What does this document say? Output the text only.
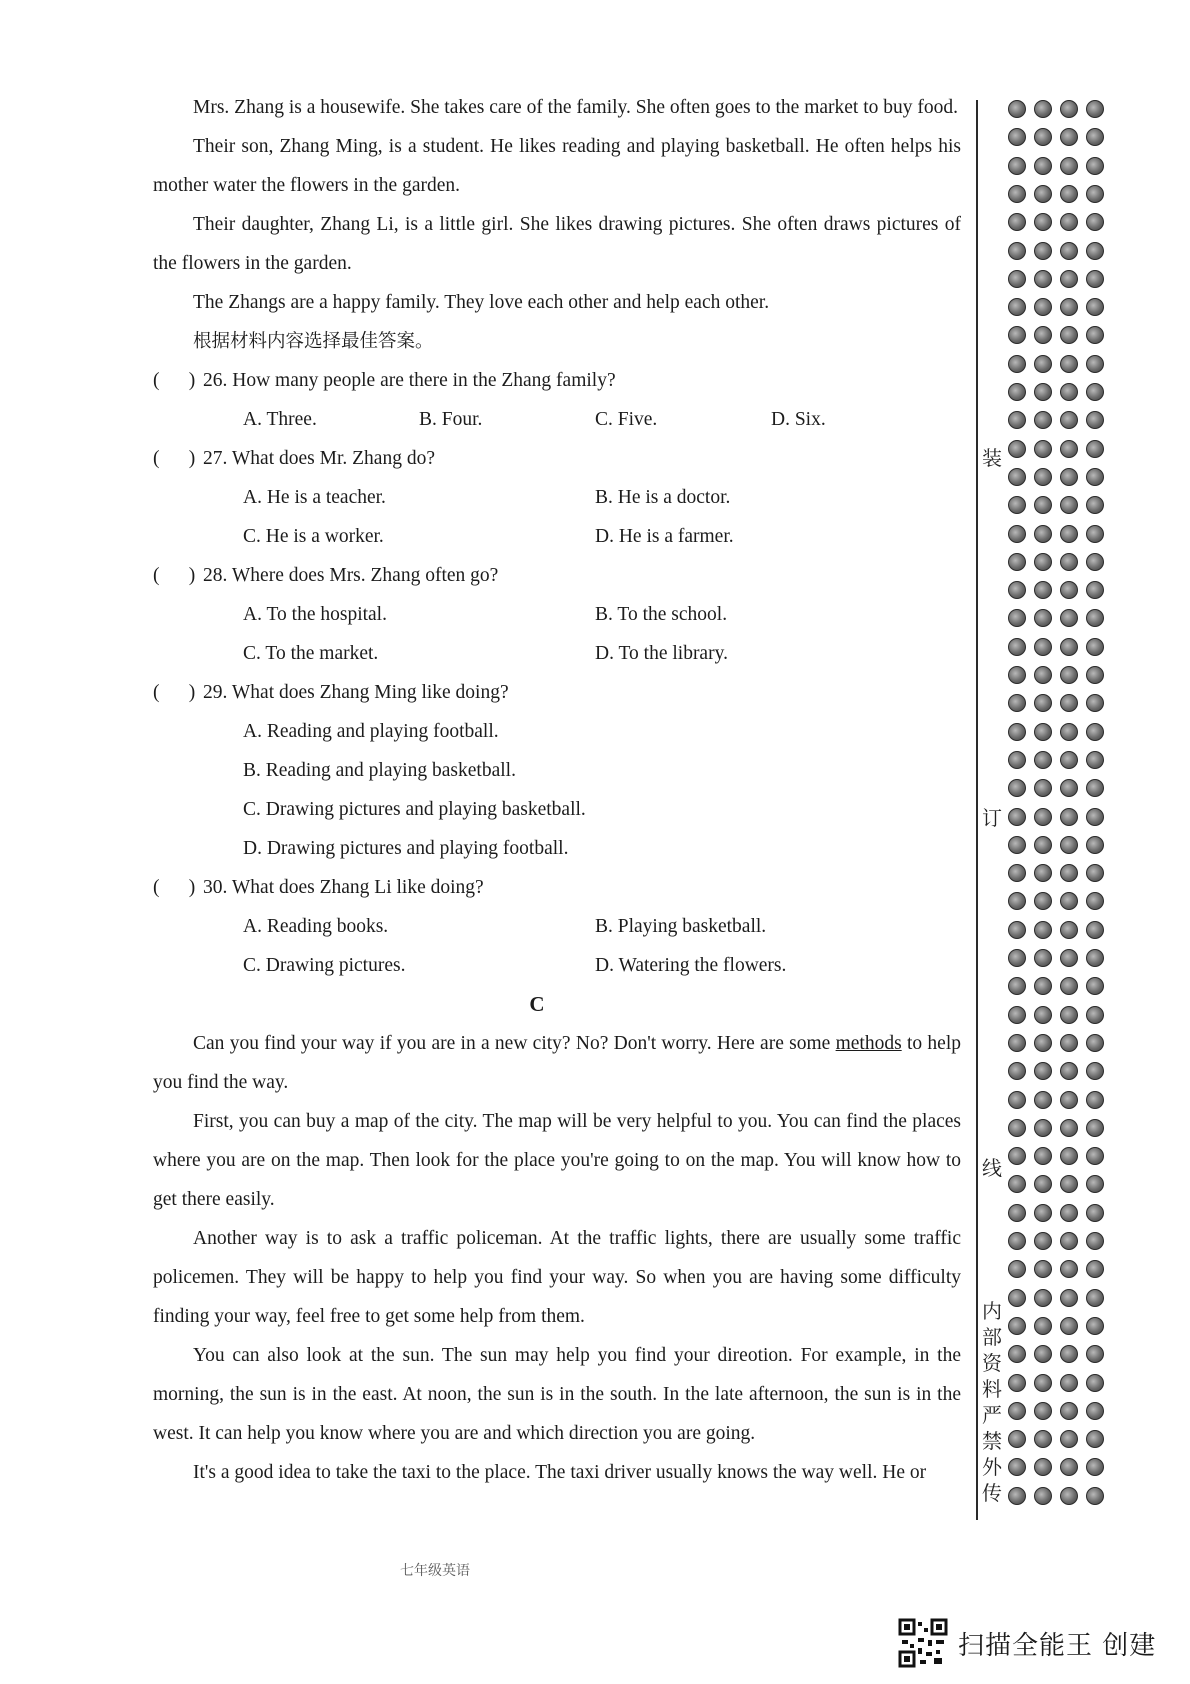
Mrs. Zhang is a housewife. She takes care of the family. She often goes to the market to buy food.

Their son, Zhang Ming, is a student. He likes reading and playing basketball. He often helps his mother water the flowers in the garden.

Their daughter, Zhang Li, is a little girl. She likes drawing pictures. She often draws pictures of the flowers in the garden.

The Zhangs are a happy family. They love each other and help each other.

根据材料内容选择最佳答案。

(      ) 26. How many people are there in the Zhang family?

A. Three.	B. Four.	C. Five.	D. Six.

(      ) 27. What does Mr. Zhang do?

A. He is a teacher.	B. He is a doctor.
C. He is a worker.	D. He is a farmer.

(      ) 28. Where does Mrs. Zhang often go?

A. To the hospital.	B. To the school.
C. To the market.	D. To the library.

(      ) 29. What does Zhang Ming like doing?

A. Reading and playing football.

B. Reading and playing basketball.

C. Drawing pictures and playing basketball.

D. Drawing pictures and playing football.

(      ) 30. What does Zhang Li like doing?

A. Reading books.	B. Playing basketball.
C. Drawing pictures.	D. Watering the flowers.

C

Can you find your way if you are in a new city? No? Don't worry. Here are some methods to help you find the way.

First, you can buy a map of the city. The map will be very helpful to you. You can find the places where you are on the map. Then look for the place you're going to on the map. You will know how to get there easily.

Another way is to ask a traffic policeman. At the traffic lights, there are usually some traffic policemen. They will be happy to help you find your way. So when you are having some difficulty finding your way, feel free to get some help from them.

You can also look at the sun. The sun may help you find your direotion. For example, in the morning, the sun is in the east. At noon, the sun is in the south. In the late afternoon, the sun is in the west. It can help you know where you are and which direction you are going.

It's a good idea to take the taxi to the place. The taxi driver usually knows the way well. He or

装
订
线
内部资料 严禁外传
七年级英语
扫描全能王 创建
